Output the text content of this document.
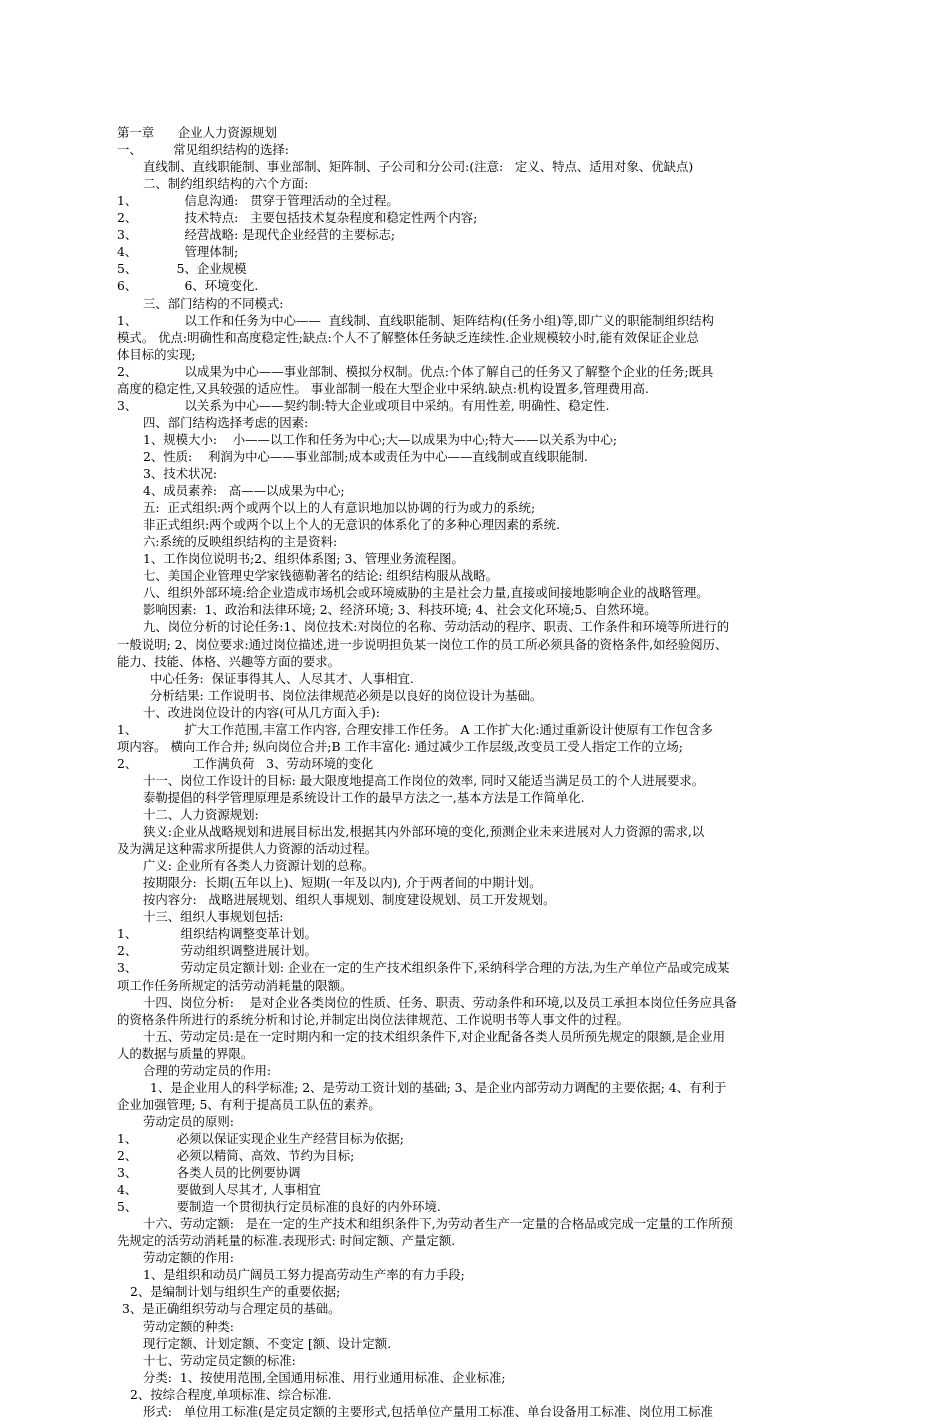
第一章      企业人力资源规划
一、        常见组织结构的选择:
直线制、直线职能制、事业部制、矩阵制、子公司和分公司:(注意:   定义、特点、适用对象、优缺点)
二、制约组织结构的六个方面:
1、            信息沟通:   贯穿于管理活动的全过程。
2、            技术特点:   主要包括技术复杂程度和稳定性两个内容;
3、            经营战略: 是现代企业经营的主要标志;
4、            管理体制;
5、          5、企业规模
6、            6、环境变化.
三、部门结构的不同模式:
1、            以工作和任务为中心——  直线制、直线职能制、矩阵结构(任务小组)等,即广义的职能制组织结构
模式。 优点:明确性和高度稳定性;缺点:个人不了解整体任务缺乏连续性.企业规模较小时,能有效保证企业总
体目标的实现;
2、            以成果为中心——事业部制、模拟分权制。优点:个体了解自己的任务又了解整个企业的任务;既具
高度的稳定性,又具较强的适应性。 事业部制一般在大型企业中采纳.缺点:机构设置多,管理费用高.
3、            以关系为中心——契约制:特大企业或项目中采纳。有用性差, 明确性、稳定性.
四、部门结构选择考虑的因素:
1、规模大小:    小——以工作和任务为中心;大—以成果为中心;特大——以关系为中心;
2、性质:    利润为中心——事业部制;成本或责任为中心——直线制或直线职能制.
3、技术状况:
4、成员素养:   高——以成果为中心;
五:  正式组织:两个或两个以上的人有意识地加以协调的行为或力的系统;
非正式组织:两个或两个以上个人的无意识的体系化了的多种心理因素的系统.
六:系统的反映组织结构的主是资料:
1、工作岗位说明书;2、组织体系图; 3、管理业务流程图。
七、美国企业管理史学家钱德勒著名的结论: 组织结构服从战略。
八、组织外部环境:给企业造成市场机会或环境威胁的主是社会力量,直接或间接地影响企业的战略管理。
影响因素:  1、政治和法律环境; 2、经济环境; 3、科技环境; 4、社会文化环境;5、自然环境。
九、岗位分析的讨论任务:1、岗位技术:对岗位的名称、劳动活动的程序、职责、工作条件和环境等所进行的
一般说明; 2、岗位要求:通过岗位描述,进一步说明担负某一岗位工作的员工所必须具备的资格条件,如经验阅历、
能力、技能、体格、兴趣等方面的要求。
中心任务:  保证事得其人、人尽其才、人事相宜.
分析结果: 工作说明书、岗位法律规范必须是以良好的岗位设计为基础。
十、改进岗位设计的内容(可从几方面入手):
1、            扩大工作范围,丰富工作内容, 合理安排工作任务。 A 工作扩大化:通过重新设计使原有工作包含多
项内容。 横向工作合并; 纵向岗位合并;B 工作丰富化: 通过减少工作层级,改变员工受人指定工作的立场;
2、              工作满负荷   3、劳动环境的变化
十一、岗位工作设计的目标: 最大限度地提高工作岗位的效率, 同时又能适当满足员工的个人进展要求。
泰勒提倡的科学管理原理是系统设计工作的最早方法之一,基本方法是工作简单化.
十二、人力资源规划:
狭义:企业从战略规划和进展目标出发,根据其内外部环境的变化,预测企业未来进展对人力资源的需求,以
及为满足这种需求所提供人力资源的活动过程。
广义: 企业所有各类人力资源计划的总称。
按期限分:  长期(五年以上)、短期(一年及以内), 介于两者间的中期计划。
按内容分:   战略进展规划、组织人事规划、制度建设规划、员工开发规划。
十三、组织人事规划包括:
1、           组织结构调整变革计划。
2、           劳动组织调整进展计划。
3、           劳动定员定额计划: 企业在一定的生产技术组织条件下,采纳科学合理的方法,为生产单位产品或完成某
项工作任务所规定的活劳动消耗量的限额。
十四、岗位分析:    是对企业各类岗位的性质、任务、职责、劳动条件和环境,以及员工承担本岗位任务应具备
的资格条件所进行的系统分析和讨论,并制定出岗位法律规范、工作说明书等人事文件的过程。
十五、劳动定员:是在一定时期内和一定的技术组织条件下,对企业配备各类人员所预先规定的限额,是企业用
人的数据与质量的界限。
合理的劳动定员的作用:
1、是企业用人的科学标准; 2、是劳动工资计划的基础; 3、是企业内部劳动力调配的主要依据; 4、有利于
企业加强管理; 5、有利于提高员工队伍的素养。
劳动定员的原则:
1、          必须以保证实现企业生产经营目标为依据;
2、          必须以精简、高效、节约为目标;
3、          各类人员的比例要协调
4、          要做到人尽其才, 人事相宜
5、          要制造一个贯彻执行定员标准的良好的内外环境.
十六、劳动定额:   是在一定的生产技术和组织条件下,为劳动者生产一定量的合格品或完成一定量的工作所预
先规定的活劳动消耗量的标准.表现形式: 时间定额、产量定额.
劳动定额的作用:
1、是组织和动员广阔员工努力提高劳动生产率的有力手段;
2、是编制计划与组织生产的重要依据;
3、是正确组织劳动与合理定员的基础。
劳动定额的种类:
现行定额、计划定额、不变定 [额、设计定额.
十七、劳动定员定额的标准:
分类:  1、按使用范围,全国通用标准、用行业通用标准、企业标准;
2、按综合程度,单项标准、综合标准.
形式:   单位用工标准(是定员定额的主要形式,包括单位产量用工标准、单台设备用工标准、岗位用工标准
